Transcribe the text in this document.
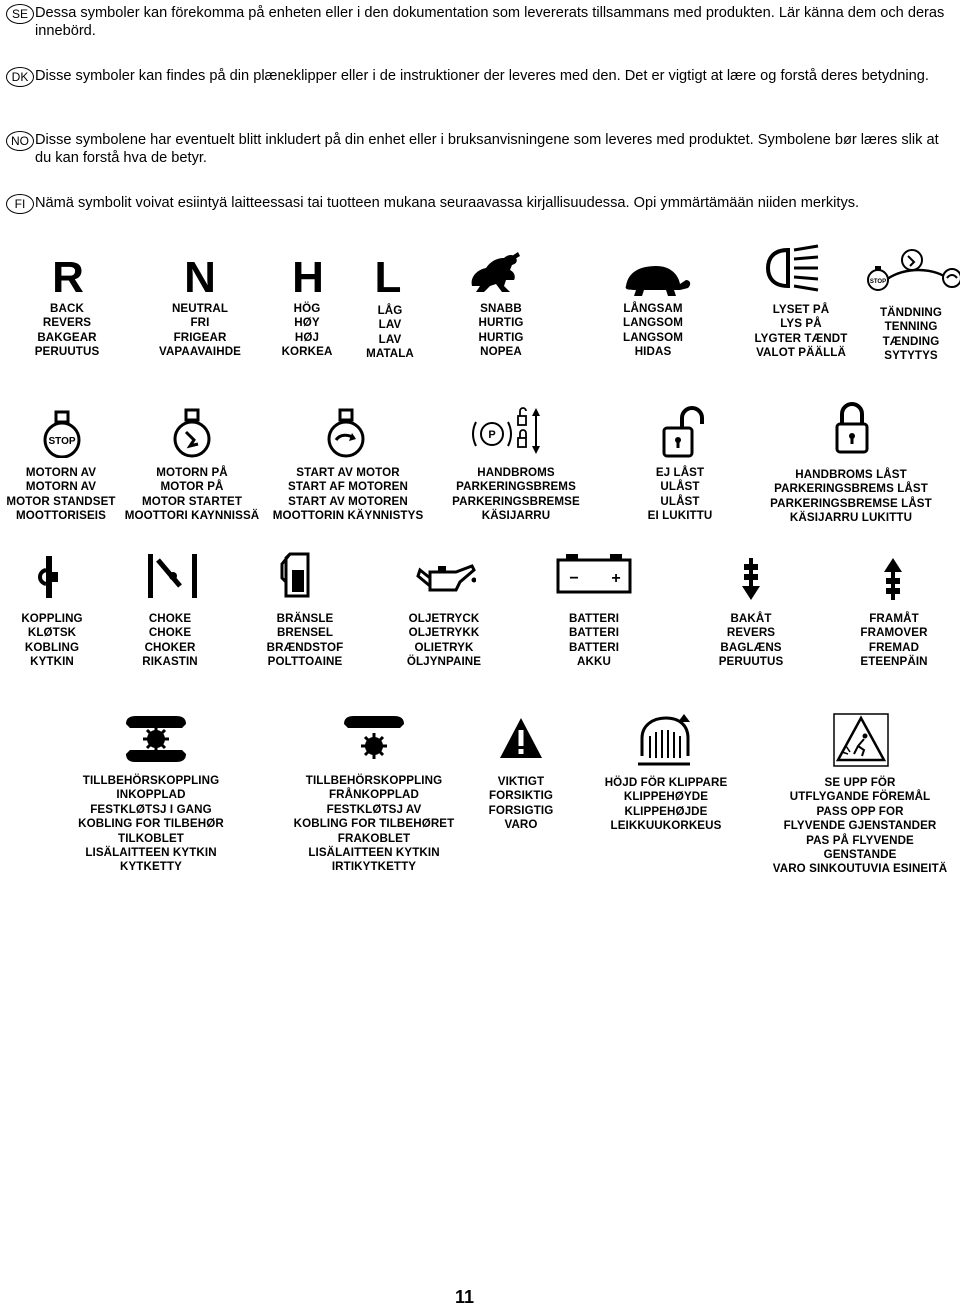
SE Dessa symboler kan förekomma på enheten eller i den dokumentation som levererats tillsammans med produkten. Lär känna dem och deras innebörd.
DK Disse symboler kan findes på din plæneklipper eller i de instruktioner der leveres med den. Det er vigtigt at lære og forstå deres betydning.
NO Disse symbolene har eventuelt blitt inkludert på din enhet eller i bruksanvisningene som leveres med produktet. Symbolene bør læres slik at du kan forstå hva de betyr.
FI Nämä symbolit voivat esiintyä laitteessasi tai tuotteen mukana seuraavassa kirjallisuudessa. Opi ymmärtämään niiden merkitys.
R
BACK
REVERS
BAKGEAR
PERUUTUS
N
NEUTRAL
FRI
FRIGEAR
VAPAAVAIHDE
H
HÖG
HØY
HØJ
KORKEA
L
LÅG
LAV
LAV
MATALA
SNABB
HURTIG
HURTIG
NOPEA
LÅNGSAM
LANGSOM
LANGSOM
HIDAS
LYSET PÅ
LYS PÅ
LYGTER TÆNDT
VALOT PÄÄLLÄ
STOP
TÄNDNING
TENNING
TÆNDING
SYTYTYS
STOP
MOTORN AV
MOTORN AV
MOTOR STANDSET
MOOTTORISEIS
MOTORN PÅ
MOTOR PÅ
MOTOR STARTET
MOOTTORI KAYNNISSÄ
START AV MOTOR
START AF MOTOREN
START AV MOTOREN
MOOTTORIN KÄYNNISTYS
P
HANDBROMS
PARKERINGSBREMS
PARKERINGSBREMSE
KÄSIJARRU
EJ LÅST
ULÅST
ULÅST
EI LUKITTU
HANDBROMS LÅST
PARKERINGSBREMS LÅST
PARKERINGSBREMSE LÅST
KÄSIJARRU LUKITTU
KOPPLING
KLØTSK
KOBLING
KYTKIN
CHOKE
CHOKE
CHOKER
RIKASTIN
BRÄNSLE
BRENSEL
BRÆNDSTOF
POLTTOAINE
OLJETRYCK
OLJETRYKK
OLIETRYK
ÖLJYNPAINE
− +
BATTERI
BATTERI
BATTERI
AKKU
BAKÅT
REVERS
BAGLÆNS
PERUUTUS
FRAMÅT
FRAMOVER
FREMAD
ETEENPÄIN
TILLBEHÖRSKOPPLING
INKOPPLAD
FESTKLØTSJ I GANG
KOBLING FOR TILBEHØR
TILKOBLET
LISÄLAITTEEN KYTKIN
KYTKETTY
TILLBEHÖRSKOPPLING
FRÅNKOPPLAD
FESTKLØTSJ AV
KOBLING FOR TILBEHØRET
FRAKOBLET
LISÄLAITTEEN KYTKIN
IRTIKYTKETTY
VIKTIGT
FORSIKTIG
FORSIGTIG
VARO
HÖJD FÖR KLIPPARE
KLIPPEHØYDE
KLIPPEHØJDE
LEIKKUUKORKEUS
SE UPP FÖR
UTFLYGANDE FÖREMÅL
PASS OPP FOR
FLYVENDE GJENSTANDER
PAS PÅ FLYVENDE
GENSTANDE
VARO SINKOUTUVIA ESINEITÄ
11
